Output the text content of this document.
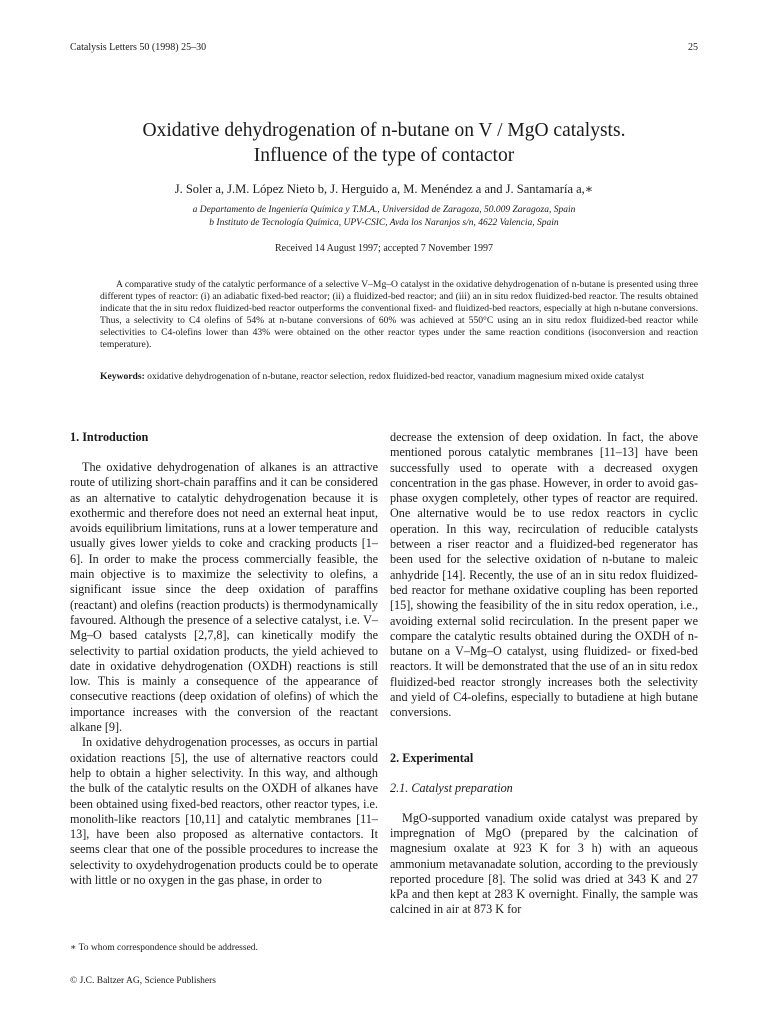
Catalysis Letters 50 (1998) 25–30	25
Oxidative dehydrogenation of n-butane on V / MgO catalysts.
Influence of the type of contactor
J. Soler a, J.M. López Nieto b, J. Herguido a, M. Menéndez a and J. Santamaría a,∗
a Departamento de Ingeniería Química y T.M.A., Universidad de Zaragoza, 50.009 Zaragoza, Spain
b Instituto de Tecnología Química, UPV-CSIC, Avda los Naranjos s/n, 4622 Valencia, Spain
Received 14 August 1997; accepted 7 November 1997
A comparative study of the catalytic performance of a selective V–Mg–O catalyst in the oxidative dehydrogenation of n-butane is presented using three different types of reactor: (i) an adiabatic fixed-bed reactor; (ii) a fluidized-bed reactor; and (iii) an in situ redox fluidized-bed reactor. The results obtained indicate that the in situ redox fluidized-bed reactor outperforms the conventional fixed- and fluidized-bed reactors, especially at high n-butane conversions. Thus, a selectivity to C4 olefins of 54% at n-butane conversions of 60% was achieved at 550°C using an in situ redox fluidized-bed reactor while selectivities to C4-olefins lower than 43% were obtained on the other reactor types under the same reaction conditions (isoconversion and reaction temperature).
Keywords: oxidative dehydrogenation of n-butane, reactor selection, redox fluidized-bed reactor, vanadium magnesium mixed oxide catalyst
1. Introduction

The oxidative dehydrogenation of alkanes is an attractive route of utilizing short-chain paraffins and it can be considered as an alternative to catalytic dehydrogenation because it is exothermic and therefore does not need an external heat input, avoids equilibrium limitations, runs at a lower temperature and usually gives lower yields to coke and cracking products [1–6]. In order to make the process commercially feasible, the main objective is to maximize the selectivity to olefins, a significant issue since the deep oxidation of paraffins (reactant) and olefins (reaction products) is thermodynamically favoured. Although the presence of a selective catalyst, i.e. V–Mg–O based catalysts [2,7,8], can kinetically modify the selectivity to partial oxidation products, the yield achieved to date in oxidative dehydrogenation (OXDH) reactions is still low. This is mainly a consequence of the appearance of consecutive reactions (deep oxidation of olefins) of which the importance increases with the conversion of the reactant alkane [9].

In oxidative dehydrogenation processes, as occurs in partial oxidation reactions [5], the use of alternative reactors could help to obtain a higher selectivity. In this way, and although the bulk of the catalytic results on the OXDH of alkanes have been obtained using fixed-bed reactors, other reactor types, i.e. monolith-like reactors [10,11] and catalytic membranes [11–13], have been also proposed as alternative contactors. It seems clear that one of the possible procedures to increase the selectivity to oxydehydrogenation products could be to operate with little or no oxygen in the gas phase, in order to

decrease the extension of deep oxidation. In fact, the above mentioned porous catalytic membranes [11–13] have been successfully used to operate with a decreased oxygen concentration in the gas phase. However, in order to avoid gas-phase oxygen completely, other types of reactor are required. One alternative would be to use redox reactors in cyclic operation. In this way, recirculation of reducible catalysts between a riser reactor and a fluidized-bed regenerator has been used for the selective oxidation of n-butane to maleic anhydride [14]. Recently, the use of an in situ redox fluidized-bed reactor for methane oxidative coupling has been reported [15], showing the feasibility of the in situ redox operation, i.e., avoiding external solid recirculation. In the present paper we compare the catalytic results obtained during the OXDH of n-butane on a V–Mg–O catalyst, using fluidized- or fixed-bed reactors. It will be demonstrated that the use of an in situ redox fluidized-bed reactor strongly increases both the selectivity and yield of C4-olefins, especially to butadiene at high butane conversions.

2. Experimental
2.1. Catalyst preparation

MgO-supported vanadium oxide catalyst was prepared by impregnation of MgO (prepared by the calcination of magnesium oxalate at 923 K for 3 h) with an aqueous ammonium metavanadate solution, according to the previously reported procedure [8]. The solid was dried at 343 K and 27 kPa and then kept at 283 K overnight. Finally, the sample was calcined in air at 873 K for

∗ To whom correspondence should be addressed.
© J.C. Baltzer AG, Science Publishers
